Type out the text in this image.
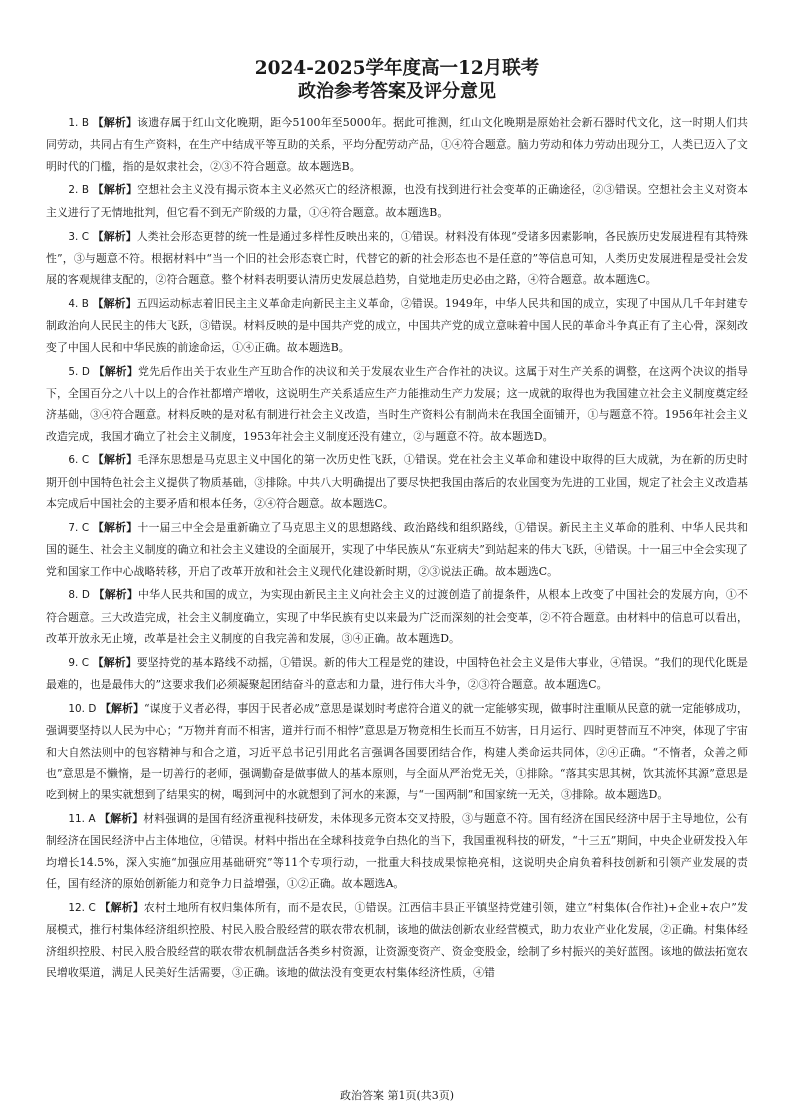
2024-2025学年度高一12月联考

政治参考答案及评分意见

1. B 【解析】该遗存属于红山文化晚期，距今5100年至5000年。据此可推测，红山文化晚期是原始社会新石器时代文化，这一时期人们共同劳动，共同占有生产资料，在生产中结成平等互助的关系，平均分配劳动产品，①④符合题意。脑力劳动和体力劳动出现分工，人类已迈入了文明时代的门槛，指的是奴隶社会，②③不符合题意。故本题选B。

2. B 【解析】空想社会主义没有揭示资本主义必然灭亡的经济根源，也没有找到进行社会变革的正确途径，②③错误。空想社会主义对资本主义进行了无情地批判，但它看不到无产阶级的力量，①④符合题意。故本题选B。

3. C 【解析】人类社会形态更替的统一性是通过多样性反映出来的，①错误。材料没有体现“受诸多因素影响，各民族历史发展进程有其特殊性”，③与题意不符。根据材料中“当一个旧的社会形态衰亡时，代替它的新的社会形态也不是任意的”等信息可知，人类历史发展进程是受社会发展的客观规律支配的，②符合题意。整个材料表明要认清历史发展总趋势，自觉地走历史必由之路，④符合题意。故本题选C。

4. B 【解析】五四运动标志着旧民主主义革命走向新民主主义革命，②错误。1949年，中华人民共和国的成立，实现了中国从几千年封建专制政治向人民民主的伟大飞跃，③错误。材料反映的是中国共产党的成立，中国共产党的成立意味着中国人民的革命斗争真正有了主心骨，深刻改变了中国人民和中华民族的前途命运，①④正确。故本题选B。

5. D 【解析】党先后作出关于农业生产互助合作的决议和关于发展农业生产合作社的决议。这属于对生产关系的调整，在这两个决议的指导下，全国百分之八十以上的合作社都增产增收，这说明生产关系适应生产力能推动生产力发展；这一成就的取得也为我国建立社会主义制度奠定经济基础，③④符合题意。材料反映的是对私有制进行社会主义改造，当时生产资料公有制尚未在我国全面铺开，①与题意不符。1956年社会主义改造完成，我国才确立了社会主义制度，1953年社会主义制度还没有建立，②与题意不符。故本题选D。

6. C 【解析】毛泽东思想是马克思主义中国化的第一次历史性飞跃，①错误。党在社会主义革命和建设中取得的巨大成就，为在新的历史时期开创中国特色社会主义提供了物质基础，③排除。中共八大明确提出了要尽快把我国由落后的农业国变为先进的工业国，规定了社会主义改造基本完成后中国社会的主要矛盾和根本任务，②④符合题意。故本题选C。

7. C 【解析】十一届三中全会是重新确立了马克思主义的思想路线、政治路线和组织路线，①错误。新民主主义革命的胜利、中华人民共和国的诞生、社会主义制度的确立和社会主义建设的全面展开，实现了中华民族从“东亚病夫”到站起来的伟大飞跃，④错误。十一届三中全会实现了党和国家工作中心战略转移，开启了改革开放和社会主义现代化建设新时期，②③说法正确。故本题选C。

8. D 【解析】中华人民共和国的成立，为实现由新民主主义向社会主义的过渡创造了前提条件，从根本上改变了中国社会的发展方向，①不符合题意。三大改造完成，社会主义制度确立，实现了中华民族有史以来最为广泛而深刻的社会变革，②不符合题意。由材料中的信息可以看出，改革开放永无止境，改革是社会主义制度的自我完善和发展，③④正确。故本题选D。

9. C 【解析】要坚持党的基本路线不动摇，①错误。新的伟大工程是党的建设，中国特色社会主义是伟大事业，④错误。“我们的现代化既是最难的，也是最伟大的”这要求我们必须凝聚起团结奋斗的意志和力量，进行伟大斗争，②③符合题意。故本题选C。

10. D 【解析】“谋度于义者必得，事因于民者必成”意思是谋划时考虑符合道义的就一定能够实现，做事时注重顺从民意的就一定能够成功，强调要坚持以人民为中心；“万物并育而不相害，道并行而不相悖”意思是万物竞相生长而互不妨害，日月运行、四时更替而互不冲突，体现了宇宙和大自然法则中的包容精神与和合之道，习近平总书记引用此名言强调各国要团结合作，构建人类命运共同体，②④正确。“不惰者，众善之师也”意思是不懒惰，是一切善行的老师，强调勤奋是做事做人的基本原则，与全面从严治党无关，①排除。“落其实思其树，饮其流怀其源”意思是吃到树上的果实就想到了结果实的树，喝到河中的水就想到了河水的来源，与“一国两制”和国家统一无关，③排除。故本题选D。

11. A 【解析】材料强调的是国有经济重视科技研发，未体现多元资本交叉持股，③与题意不符。国有经济在国民经济中居于主导地位，公有制经济在国民经济中占主体地位，④错误。材料中指出在全球科技竞争白热化的当下，我国重视科技的研发，“十三五”期间，中央企业研发投入年均增长14.5%，深入实施“加强应用基础研究”等11个专项行动，一批重大科技成果惊艳亮相，这说明央企肩负着科技创新和引领产业发展的责任，国有经济的原始创新能力和竞争力日益增强，①②正确。故本题选A。

12. C 【解析】农村土地所有权归集体所有，而不是农民，①错误。江西信丰县正平镇坚持党建引领，建立“村集体(合作社)+企业+农户”发展模式，推行村集体经济组织控股、村民入股合股经营的联农带农机制，该地的做法创新农业经营模式，助力农业产业化发展，②正确。村集体经济组织控股、村民入股合股经营的联农带农机制盘活各类乡村资源，让资源变资产、资金变股金，绘制了乡村振兴的美好蓝图。该地的做法拓宽农民增收渠道，满足人民美好生活需要，③正确。该地的做法没有变更农村集体经济性质，④错

政治答案 第1页(共3页)
